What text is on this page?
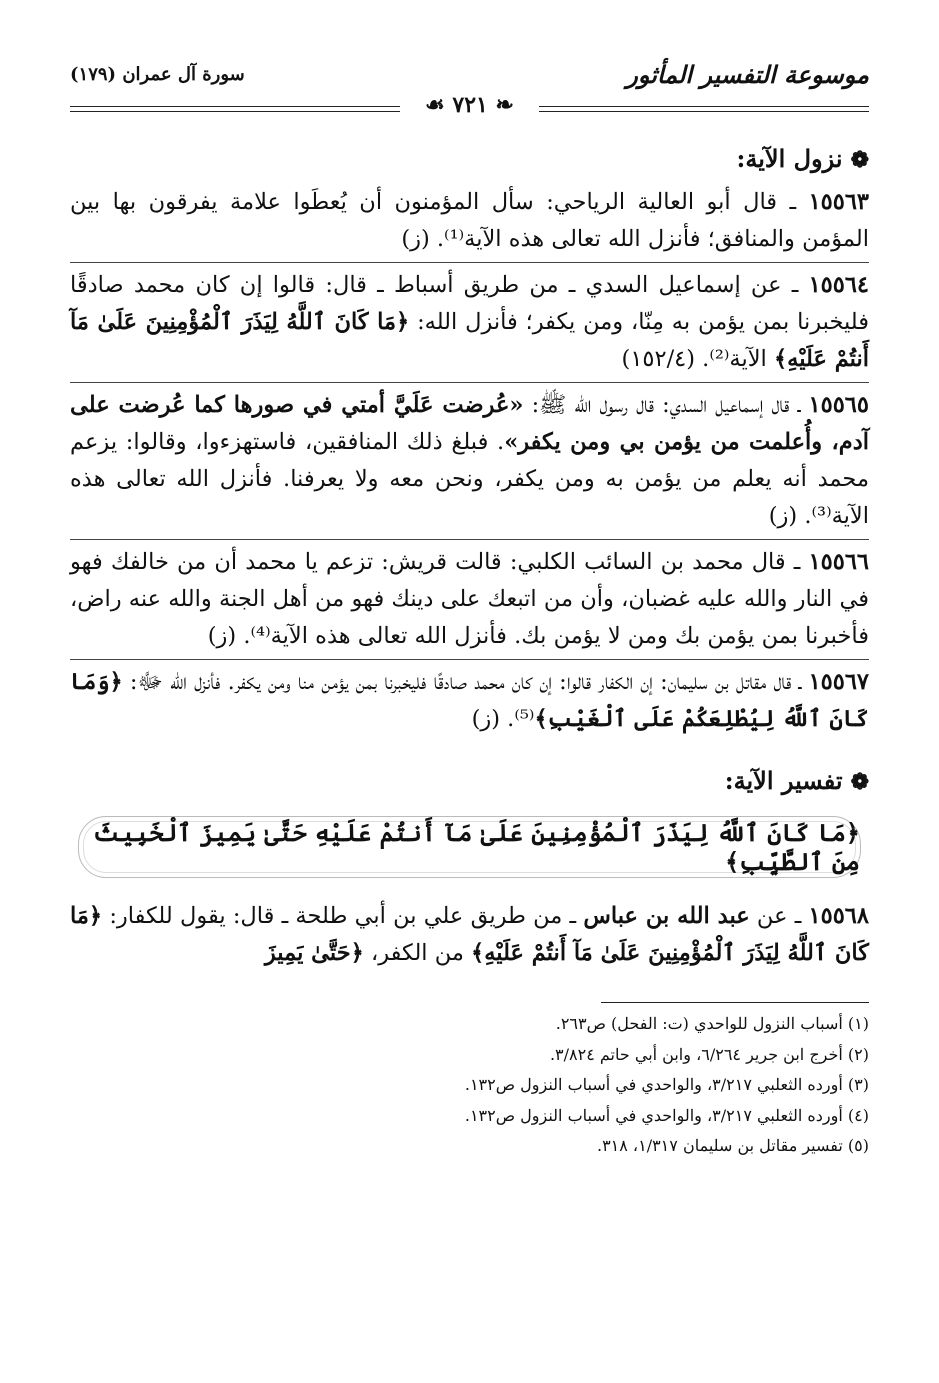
موسوعة التفسير المأثور
سورة آل عمران (١٧٩)
❧ ٧٢١ ☙
❁نزول الآية:

١٥٥٦٣ ـ قال أبو العالية الرياحي: سأل المؤمنون أن يُعطَوا علامة يفرقون بها بين المؤمن والمنافق؛ فأنزل الله تعالى هذه الآية⁽¹⁾. (ز)

١٥٥٦٤ ـ عن إسماعيل السدي ـ من طريق أسباط ـ قال: قالوا إن كان محمد صادقًا فليخبرنا بمن يؤمن به مِنّا، ومن يكفر؛ فأنزل الله: ﴿مَا كَانَ ٱللَّهُ لِيَذَرَ ٱلْمُؤْمِنِينَ عَلَىٰ مَآ أَنتُمْ عَلَيْهِ﴾ الآية⁽²⁾. (١٥٢/٤)

١٥٥٦٥ ـ قال إسماعيل السدي: قال رسول الله ﷺ: «عُرضت عَلَيَّ أمتي في صورها كما عُرضت على آدم، وأُعلمت من يؤمن بي ومن يكفر». فبلغ ذلك المنافقين، فاستهزءوا، وقالوا: يزعم محمد أنه يعلم من يؤمن به ومن يكفر، ونحن معه ولا يعرفنا. فأنزل الله تعالى هذه الآية⁽³⁾. (ز)

١٥٥٦٦ ـ قال محمد بن السائب الكلبي: قالت قريش: تزعم يا محمد أن من خالفك فهو في النار والله عليه غضبان، وأن من اتبعك على دينك فهو من أهل الجنة والله عنه راض، فأخبرنا بمن يؤمن بك ومن لا يؤمن بك. فأنزل الله تعالى هذه الآية⁽⁴⁾. (ز)

١٥٥٦٧ ـ قال مقاتل بن سليمان: إن الكفار قالوا: إن كان محمد صادقًا فليخبرنا بمن يؤمن منا ومن يكفر. فأنزل الله ﷻ: ﴿وَمَا كَانَ ٱللَّهُ لِيُطْلِعَكُمْ عَلَى ٱلْغَيْبِ﴾⁽⁵⁾. (ز)

❁تفسير الآية:
﴿مَا كَانَ ٱللَّهُ لِيَذَرَ ٱلْمُؤْمِنِينَ عَلَىٰ مَآ أَنتُمْ عَلَيْهِ حَتَّىٰ يَمِيزَ ٱلْخَبِيثَ مِنَ ٱلطَّيِّبِ﴾

١٥٥٦٨ ـ عن عبد الله بن عباس ـ من طريق علي بن أبي طلحة ـ قال: يقول للكفار: ﴿مَا كَانَ ٱللَّهُ لِيَذَرَ ٱلْمُؤْمِنِينَ عَلَىٰ مَآ أَنتُمْ عَلَيْهِ﴾ من الكفر، ﴿حَتَّىٰ يَمِيزَ

(١) أسباب النزول للواحدي (ت: الفحل) ص٢٦٣.
(٢) أخرج ابن جرير ٦/٢٦٤، وابن أبي حاتم ٣/٨٢٤.
(٣) أورده الثعلبي ٣/٢١٧، والواحدي في أسباب النزول ص١٣٢.
(٤) أورده الثعلبي ٣/٢١٧، والواحدي في أسباب النزول ص١٣٢.
(٥) تفسير مقاتل بن سليمان ١/٣١٧، ٣١٨.
